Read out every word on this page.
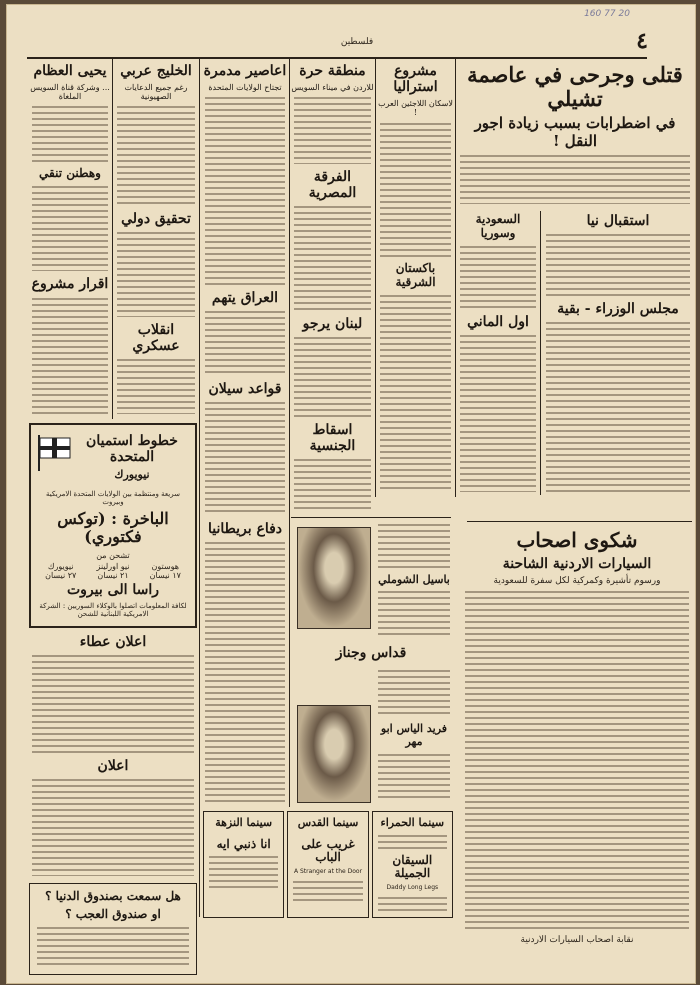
فلسطين	٤
20 77 160
قتلى وجرحى في عاصمة تشيلي
في اضطرابات بسبب زيادة اجور النقل !
يحيى العظام
... وشركة قناة السويس الملغاة
وهطنن تنقي
اقرار مشروع
الخليج عربي
رغم جميع الدعايات الصهيونية
تحقيق دولي
انقلاب عسكري
اعاصير مدمرة
تجتاح الولايات المتحدة
العراق يتهم
قواعد سيلان
دفاع بريطانيا
منطقة حرة
للاردن في ميناء السويس
الفرقة المصرية
لبنان يرجو
اسقاط الجنسية
مشروع استراليا
لاسكان اللاجئين العرب !
باكستان الشرقية
السعودية وسوريا
اول الماني
استقبال نيا
مجلس الوزراء - بقية
باسيل الشوملي
قداس وجناز
فريد الياس ابو مهر
خطوط استميان المتحدة
نيويورك
سريعة ومنتظمة بين الولايات المتحدة الامريكية وبيروت
الباخرة : (توكس فكتوري)
تشحن من
هوستون
١٧ نيسان
نيو اورلينز
٢١ نيسان
نيويورك
٢٧ نيسان
راسا الى بيروت
لكافة المعلومات اتصلوا بالوكلاء السوريين : الشركة الامريكية اللبنانية للشحن
اعلان عطاء
اعلان
هل سمعت بصندوق الدنيا ؟
او صندوق العجب ؟
سينما الحمراء
السيقان الجميلة
Daddy Long Legs
سينما القدس
غريب على الباب
A Stranger at the Door
سينما النزهة
انا ذنبي ايه
شكوى اصحاب
السيارات الاردنية الشاحنة
ورسوم تأشيرة وكمركية لكل سفرة للسعودية
نقابة اصحاب السيارات الاردنية
